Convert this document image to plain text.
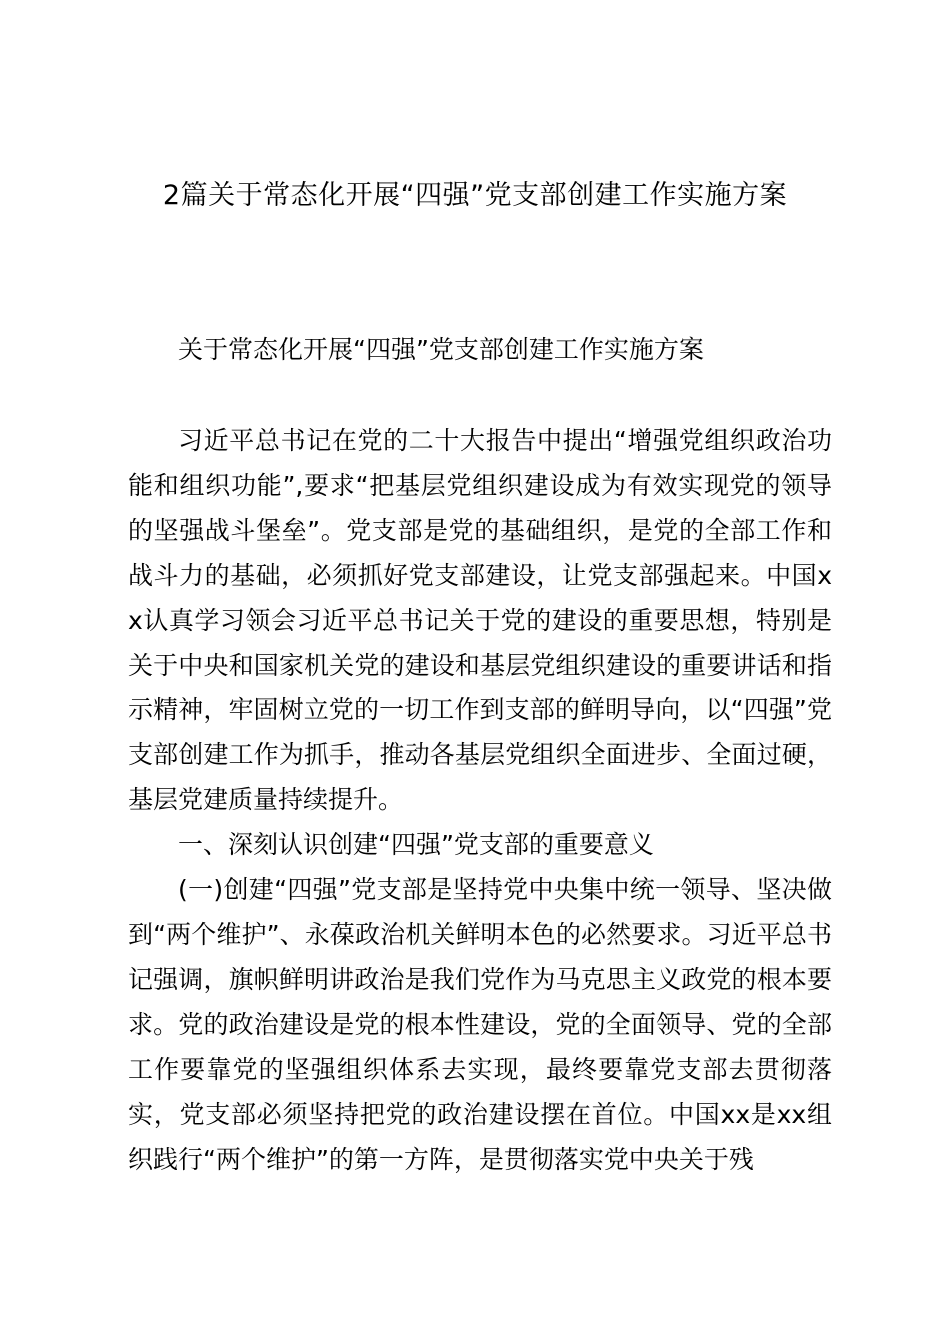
2篇关于常态化开展“四强”党支部创建工作实施方案
关于常态化开展“四强”党支部创建工作实施方案

习近平总书记在党的二十大报告中提出“增强党组织政治功能和组织功能”,要求“把基层党组织建设成为有效实现党的领导的坚强战斗堡垒”。党支部是党的基础组织，是党的全部工作和战斗力的基础，必须抓好党支部建设，让党支部强起来。中国xx认真学习领会习近平总书记关于党的建设的重要思想，特别是关于中央和国家机关党的建设和基层党组织建设的重要讲话和指示精神，牢固树立党的一切工作到支部的鲜明导向，以“四强”党支部创建工作为抓手，推动各基层党组织全面进步、全面过硬，基层党建质量持续提升。

一、深刻认识创建“四强”党支部的重要意义

(一)创建“四强”党支部是坚持党中央集中统一领导、坚决做到“两个维护”、永葆政治机关鲜明本色的必然要求。习近平总书记强调，旗帜鲜明讲政治是我们党作为马克思主义政党的根本要求。党的政治建设是党的根本性建设，党的全面领导、党的全部工作要靠党的坚强组织体系去实现，最终要靠党支部去贯彻落实，党支部必须坚持把党的政治建设摆在首位。中国xx是xx组织践行“两个维护”的第一方阵，是贯彻落实党中央关于残
